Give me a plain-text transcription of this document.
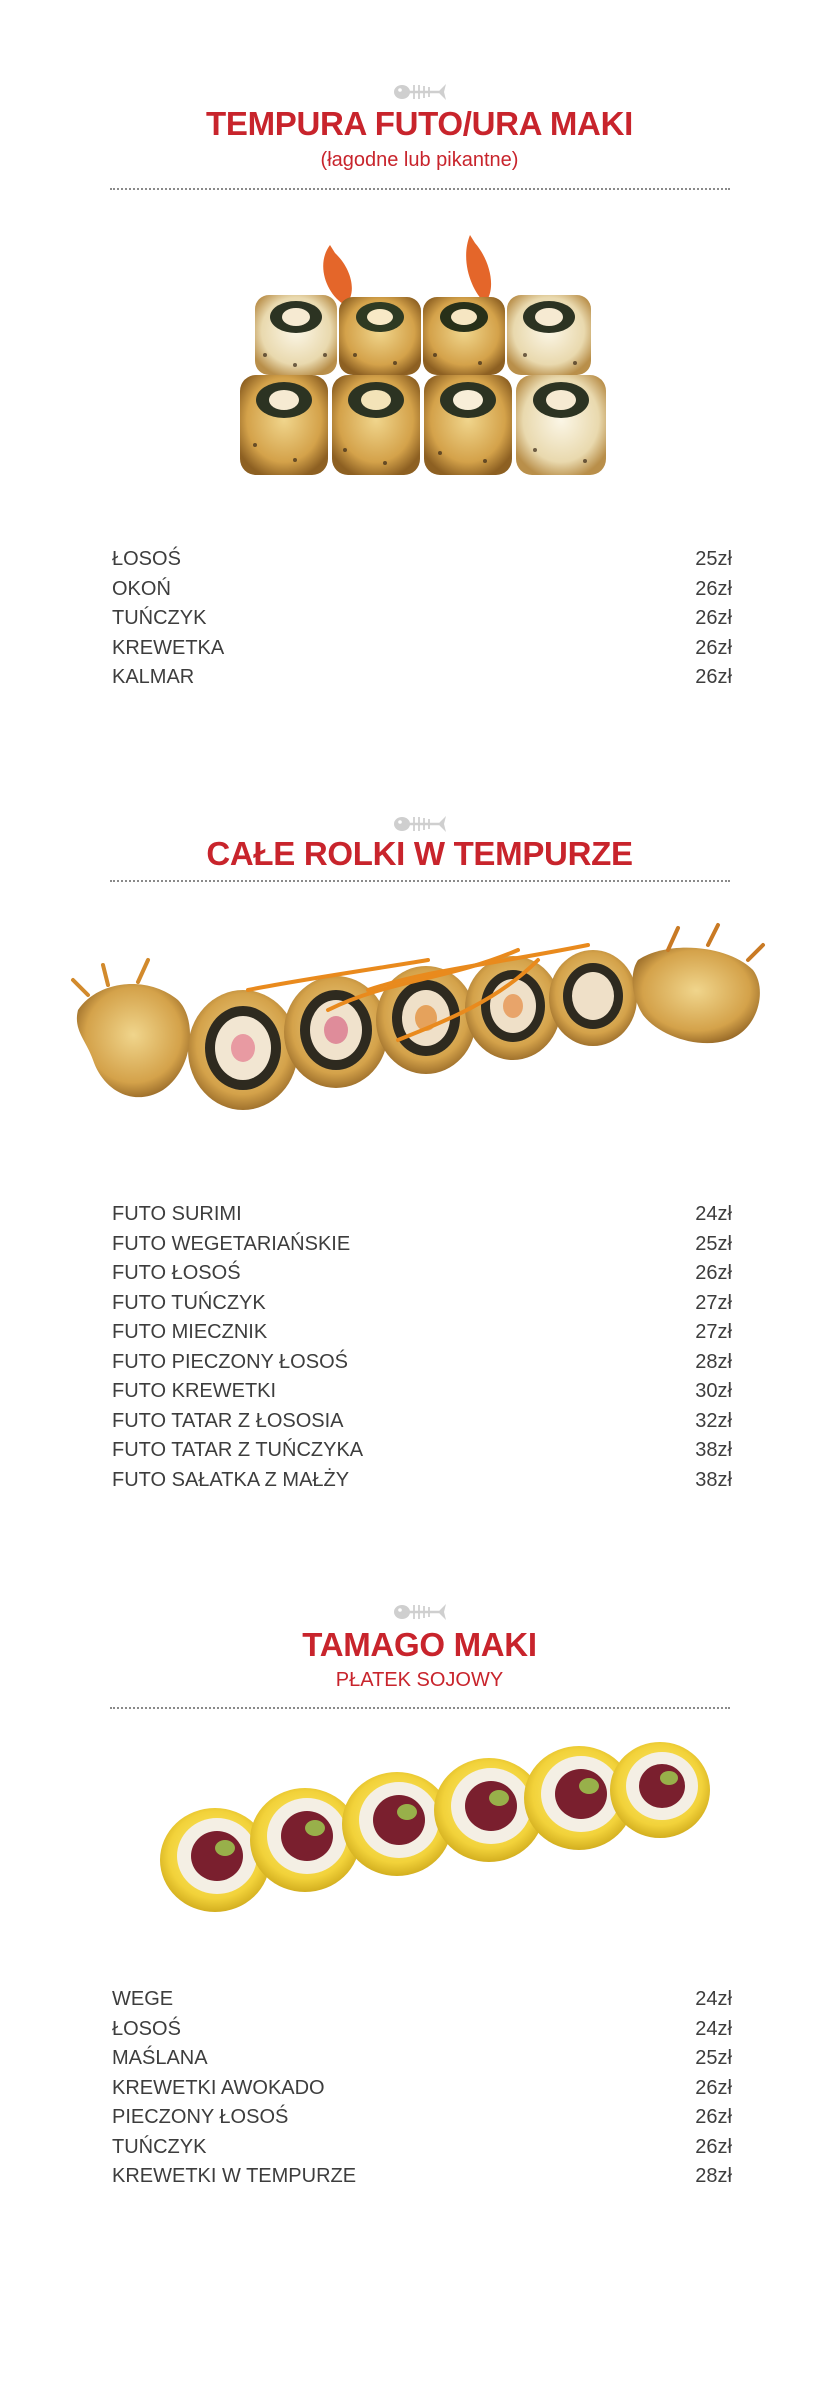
TEMPURA FUTO/URA MAKI
(łagodne lub pikantne)
ŁOSOŚ	25zł
OKOŃ	26zł
TUŃCZYK	26zł
KREWETKA	26zł
KALMAR	26zł
CAŁE ROLKI W TEMPURZE
FUTO SURIMI	24zł
FUTO WEGETARIAŃSKIE	25zł
FUTO ŁOSOŚ	26zł
FUTO TUŃCZYK	27zł
FUTO MIECZNIK	27zł
FUTO PIECZONY ŁOSOŚ	28zł
FUTO KREWETKI	30zł
FUTO TATAR Z ŁOSOSIA	32zł
FUTO TATAR Z TUŃCZYKA	38zł
FUTO SAŁATKA Z MAŁŻY	38zł
TAMAGO MAKI
PŁATEK SOJOWY
WEGE	24zł
ŁOSOŚ	24zł
MAŚLANA	25zł
KREWETKI AWOKADO	26zł
PIECZONY ŁOSOŚ	26zł
TUŃCZYK	26zł
KREWETKI W TEMPURZE	28zł
